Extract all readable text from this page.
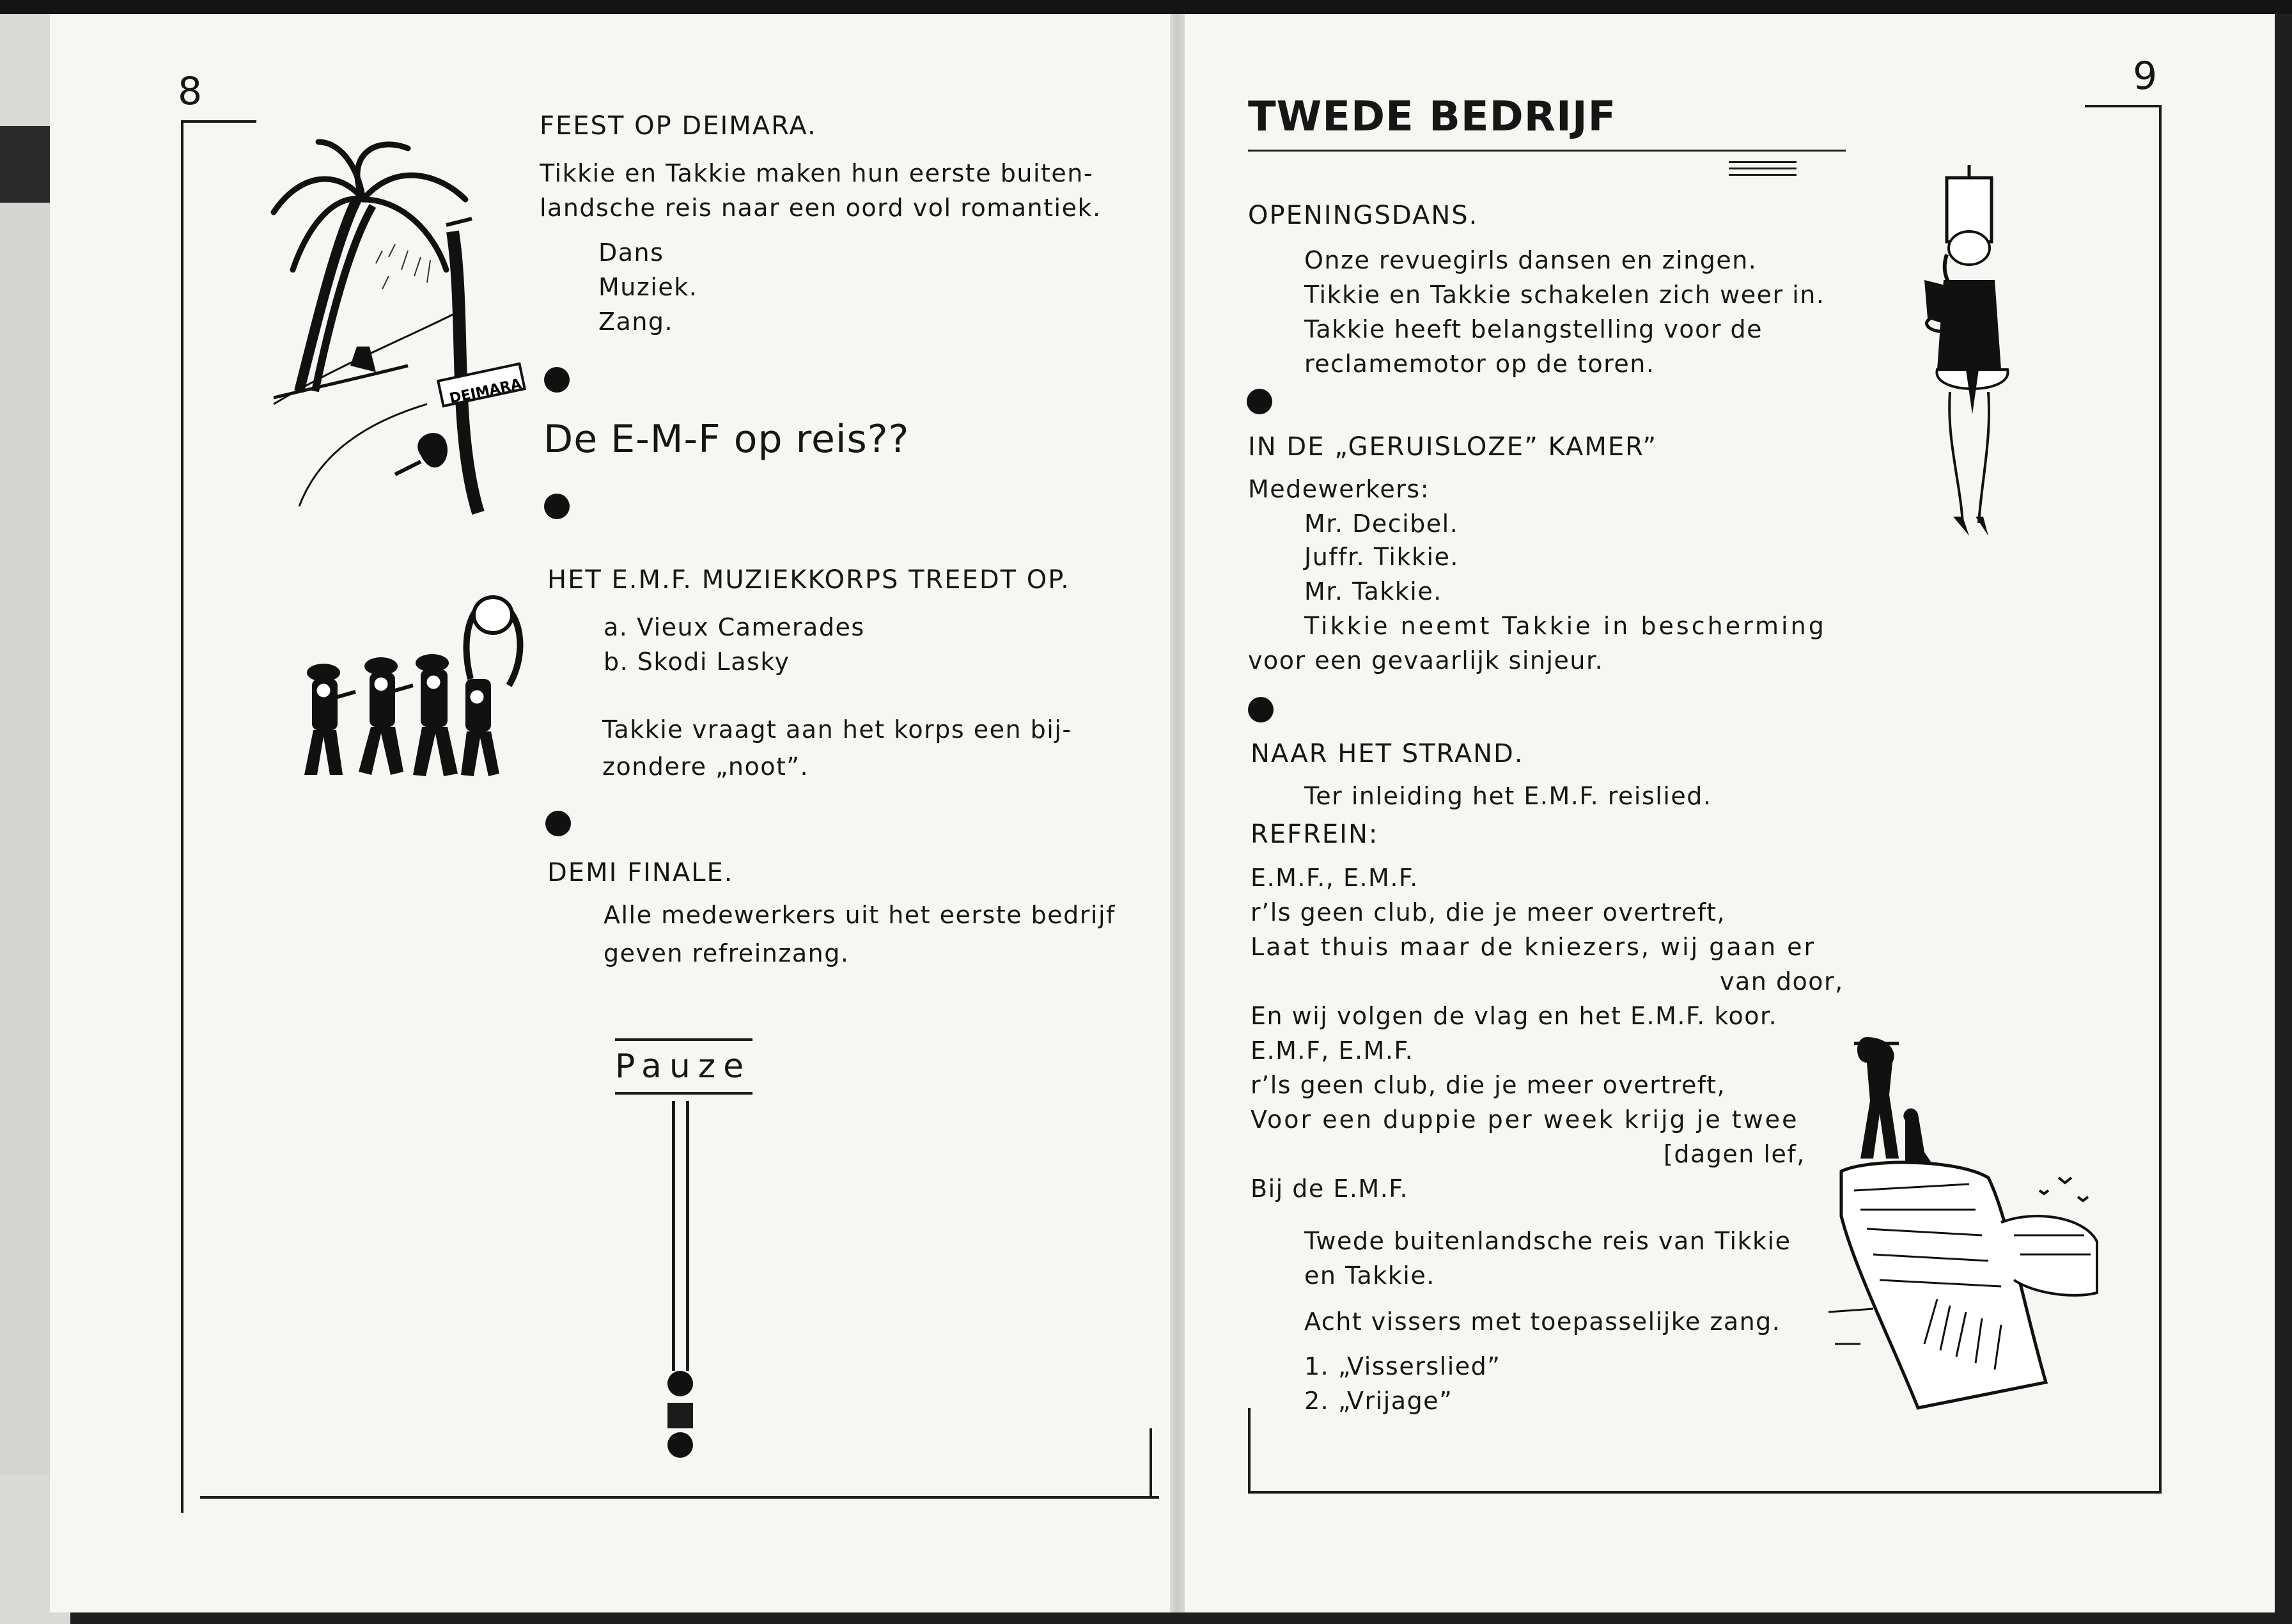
8
DEIMARA
FEEST OP DEIMARA.
Tikkie en Takkie maken hun eerste buiten-
landsche reis naar een oord vol romantiek.
Dans
Muziek.
Zang.
De E-M-F op reis??
HET E.M.F. MUZIEKKORPS TREEDT OP.
a. Vieux Camerades
b. Skodi Lasky
Takkie vraagt aan het korps een bij-
zondere „noot”.
DEMI FINALE.
Alle medewerkers uit het eerste bedrijf
geven refreinzang.
Pauze
9
TWEDE BEDRIJF
OPENINGSDANS.
Onze revuegirls dansen en zingen.
Tikkie en Takkie schakelen zich weer in.
Takkie heeft belangstelling voor de
reclamemotor op de toren.
IN DE „GERUISLOZE” KAMER”
Medewerkers:
Mr. Decibel.
Juffr. Tikkie.
Mr. Takkie.
Tikkie neemt Takkie in bescherming
voor een gevaarlijk sinjeur.
NAAR HET STRAND.
Ter inleiding het E.M.F. reislied.
REFREIN:
E.M.F., E.M.F.
r’ls geen club, die je meer overtreft,
Laat thuis maar de kniezers, wij gaan er
van door,
En wij volgen de vlag en het E.M.F. koor.
E.M.F, E.M.F.
r’ls geen club, die je meer overtreft,
Voor een duppie per week krijg je twee
[dagen lef,
Bij de E.M.F.
Twede buitenlandsche reis van Tikkie
en Takkie.
Acht vissers met toepasselijke zang.
1. „Visserslied”
2. „Vrijage”
